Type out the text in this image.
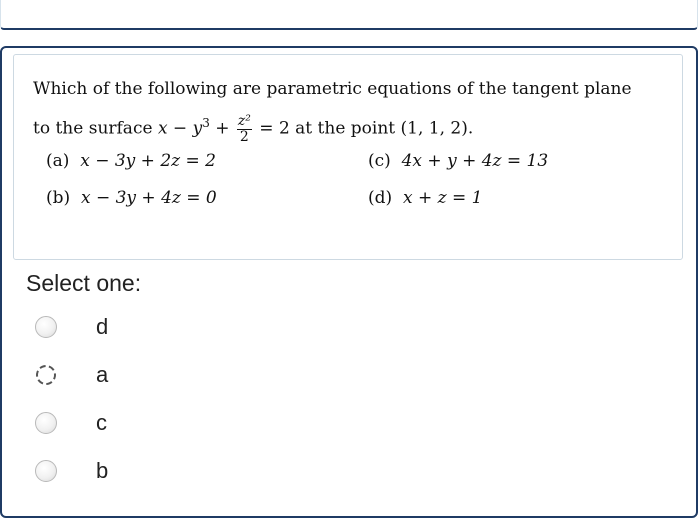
Which of the following are parametric equations of the tangent plane
to the surface $x - y^3 + \frac{\text{z²}}{2} = 2$ at the point (1, 1, 2).
(a) x − 3y + 2z = 2
(b) x − 3y + 4z = 0
(c) 4x + y + 4z = 13
(d) x + z = 1
Select one:
d
a
c
b
